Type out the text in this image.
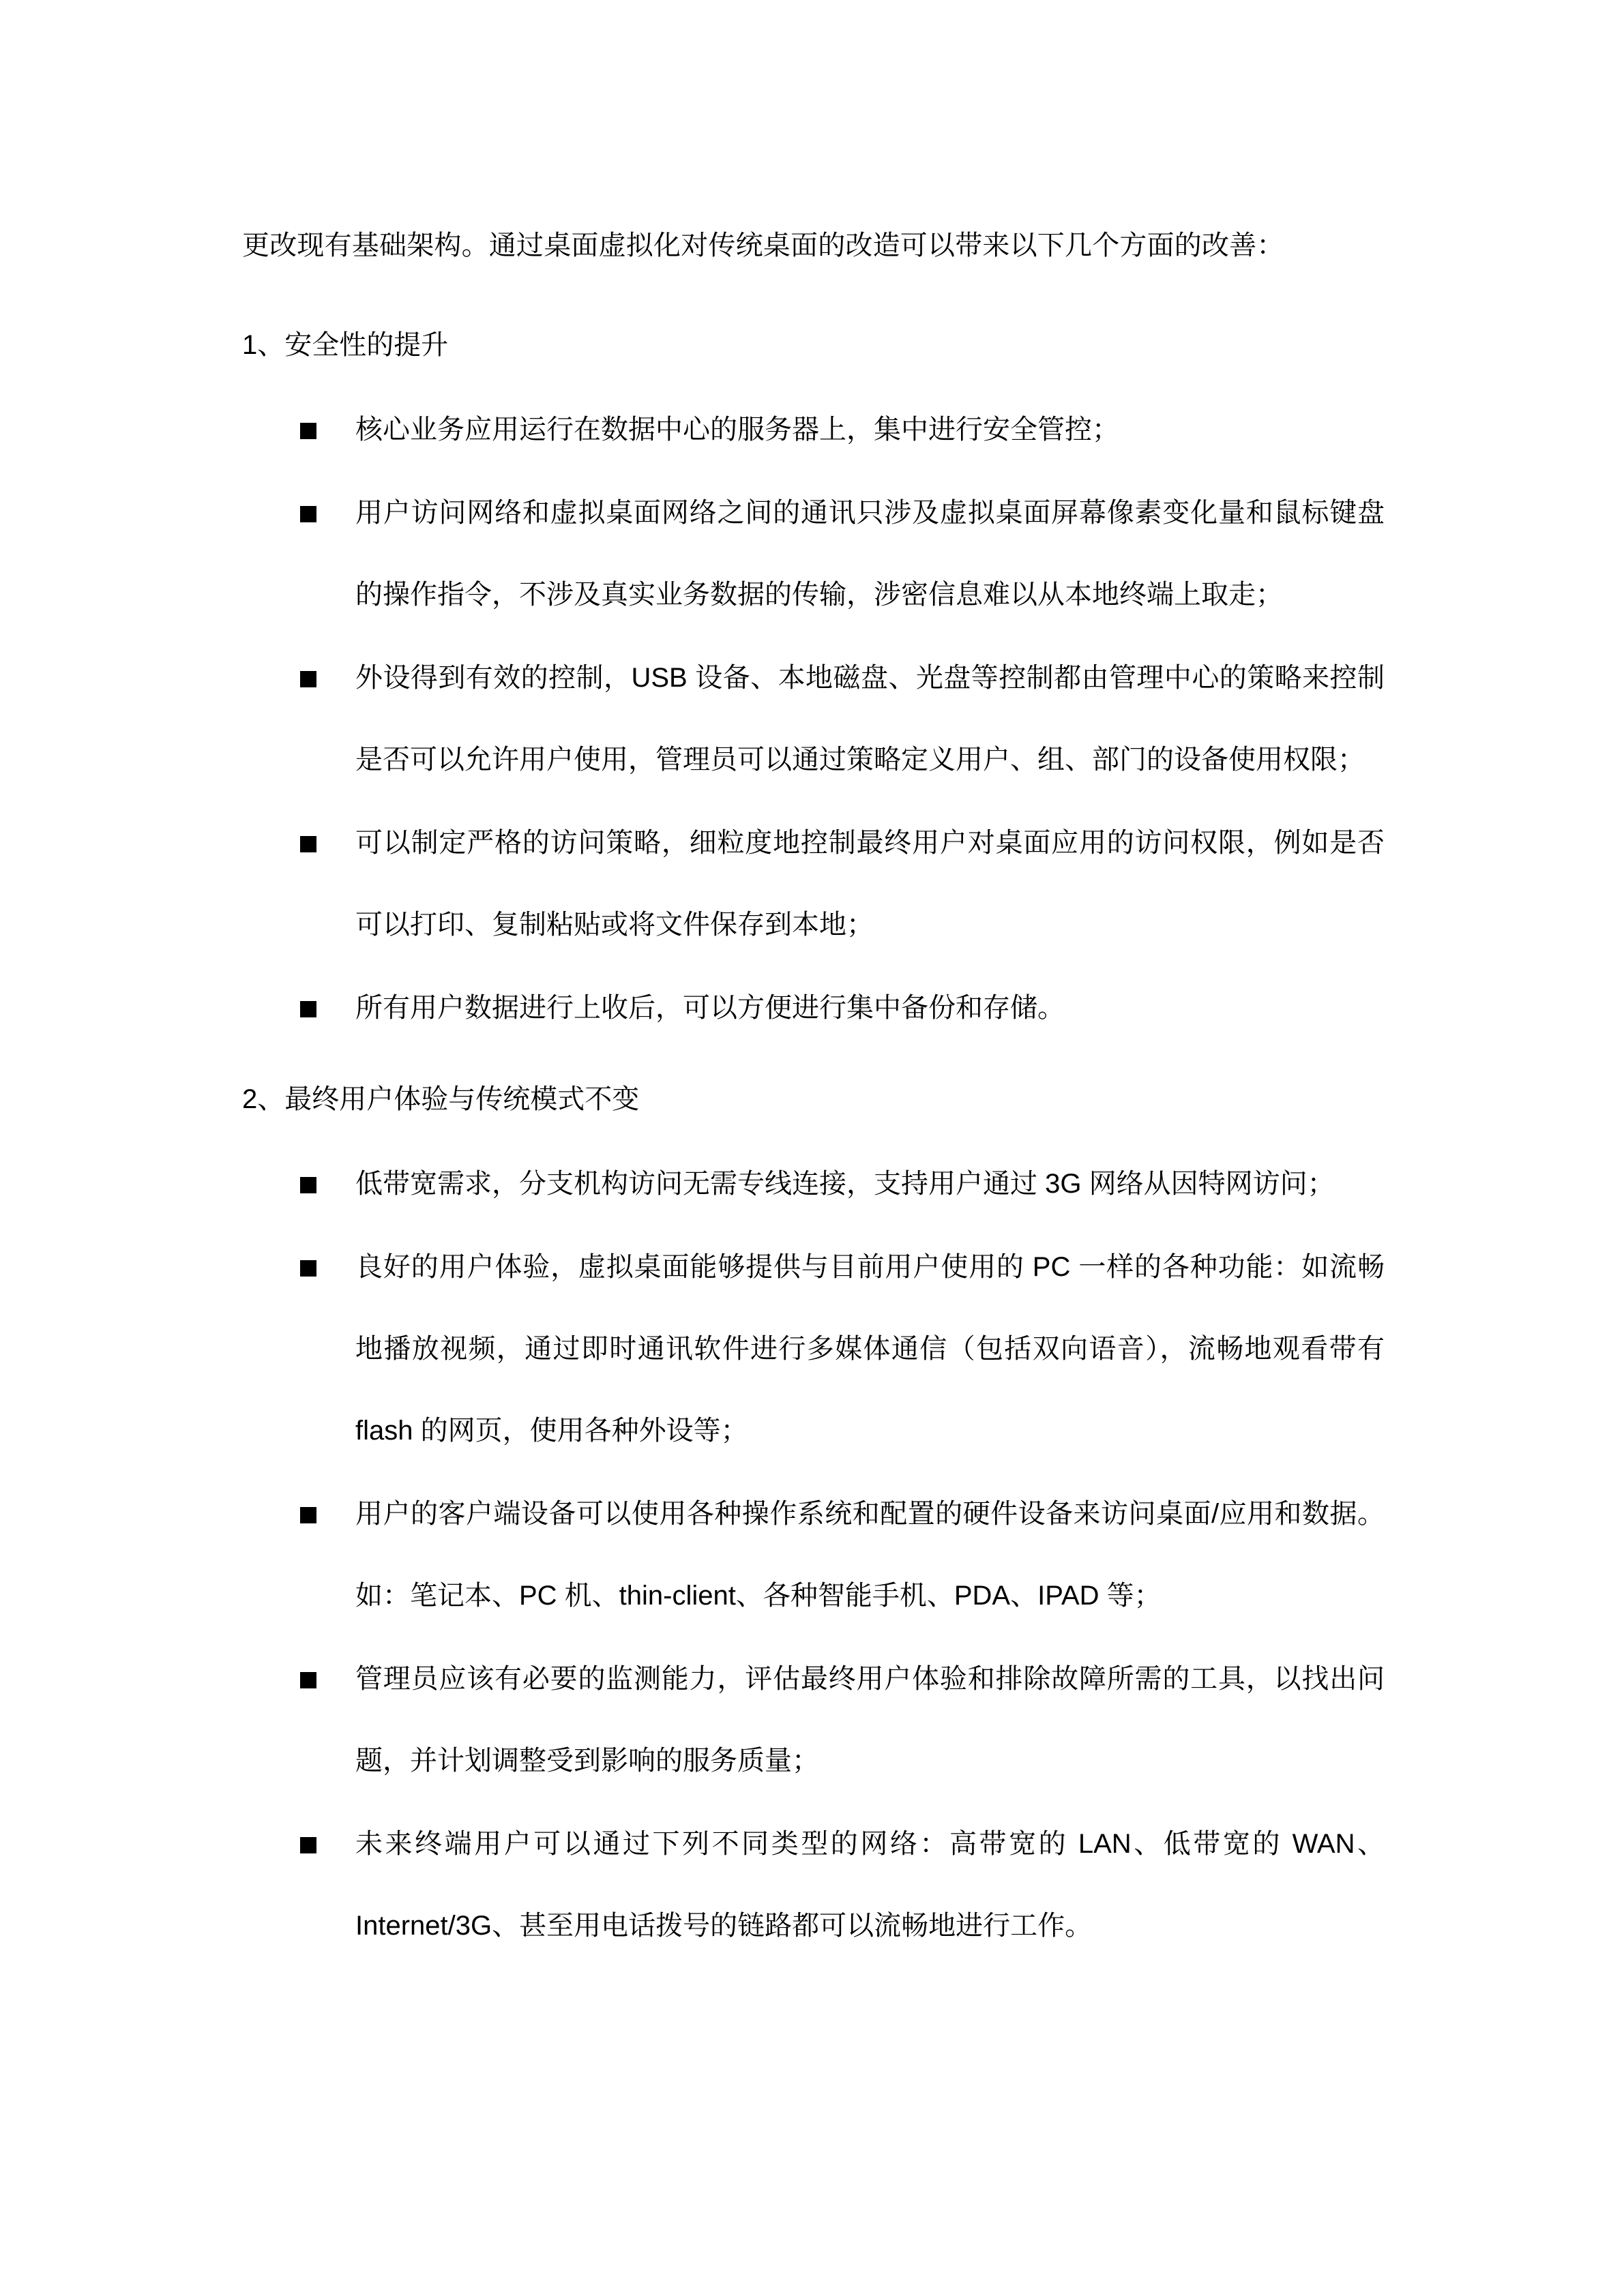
更改现有基础架构。通过桌面虚拟化对传统桌面的改造可以带来以下几个方面的改善：

1、安全性的提升

核心业务应用运行在数据中心的服务器上，集中进行安全管控；
用户访问网络和虚拟桌面网络之间的通讯只涉及虚拟桌面屏幕像素变化量和鼠标键盘的操作指令，不涉及真实业务数据的传输，涉密信息难以从本地终端上取走；
外设得到有效的控制，USB 设备、本地磁盘、光盘等控制都由管理中心的策略来控制是否可以允许用户使用，管理员可以通过策略定义用户、组、部门的设备使用权限；
可以制定严格的访问策略，细粒度地控制最终用户对桌面应用的访问权限，例如是否可以打印、复制粘贴或将文件保存到本地；
所有用户数据进行上收后，可以方便进行集中备份和存储。

2、最终用户体验与传统模式不变

低带宽需求，分支机构访问无需专线连接，支持用户通过 3G 网络从因特网访问；
良好的用户体验，虚拟桌面能够提供与目前用户使用的 PC 一样的各种功能：如流畅地播放视频，通过即时通讯软件进行多媒体通信（包括双向语音），流畅地观看带有 flash 的网页，使用各种外设等；
用户的客户端设备可以使用各种操作系统和配置的硬件设备来访问桌面/应用和数据。如：笔记本、PC 机、thin-client、各种智能手机、PDA、IPAD 等；
管理员应该有必要的监测能力，评估最终用户体验和排除故障所需的工具，以找出问题，并计划调整受到影响的服务质量；
未来终端用户可以通过下列不同类型的网络：高带宽的 LAN、低带宽的 WAN、Internet/3G、甚至用电话拨号的链路都可以流畅地进行工作。
